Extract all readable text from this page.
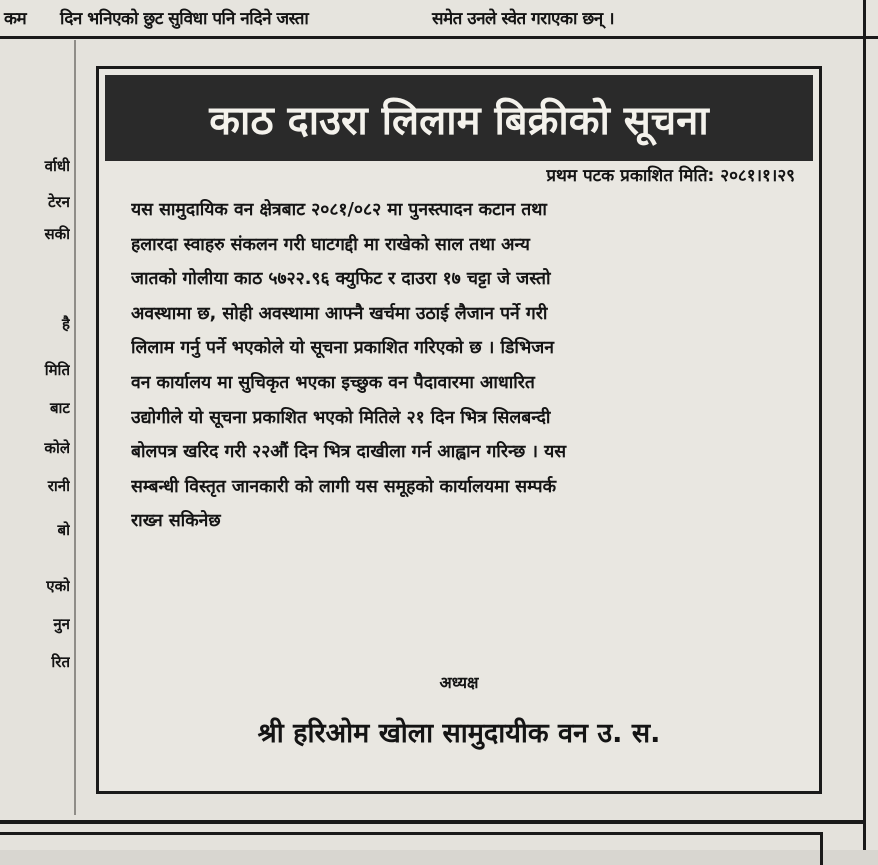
कम दिन भनिएको छुट सुविधा पनि नदिने जस्ता	समेत उनले स्वेत गराएका छन् ।
र्वाधी
टेरन
सकी
है
मिति
बाट
कोले
रानी
बो
एको
नुन
रित
काठ दाउरा लिलाम बिक्रीको सूचना
प्रथम पटक प्रकाशित मिति: २०८१।१।२९
यस सामुदायिक वन क्षेत्रबाट २०८१/०८२ मा पुनस्त्पादन कटान तथा
हलारदा स्वाहरु संकलन गरी घाटगद्दी मा राखेको साल तथा अन्य
जातको गोलीया काठ ५७२२.९६ क्युफिट र दाउरा १७ चट्टा जे जस्तो
अवस्थामा छ, सोही अवस्थामा आफ्नै खर्चमा उठाई लैजान पर्ने गरी
लिलाम गर्नु पर्ने भएकोले यो सूचना प्रकाशित गरिएको छ । डिभिजन
वन कार्यालय मा सुचिकृत भएका इच्छुक वन पैदावारमा आधारित
उद्योगीले यो सूचना प्रकाशित भएको मितिले २१ दिन भित्र सिलबन्दी
बोलपत्र खरिद गरी २२औं दिन भित्र दाखीला गर्न आह्वान गरिन्छ । यस
सम्बन्धी विस्तृत जानकारी को लागी यस समूहको कार्यालयमा सम्पर्क
राख्न सकिनेछ
अध्यक्ष
श्री हरिओम खोला सामुदायीक वन उ. स.
